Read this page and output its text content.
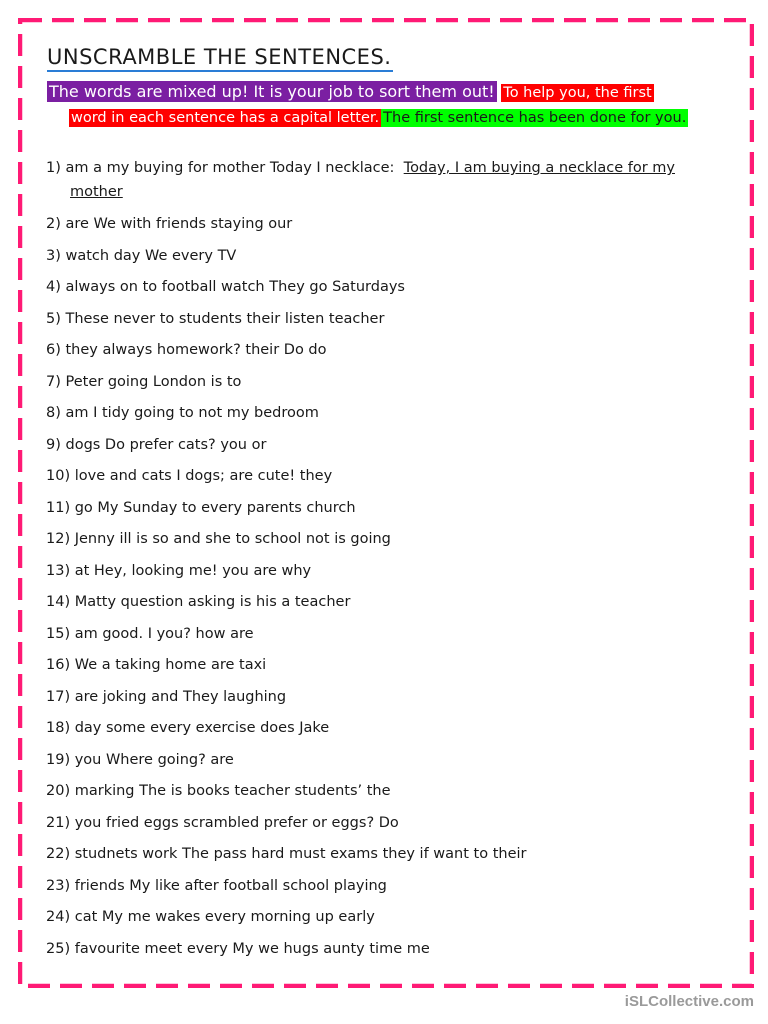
UNSCRAMBLE THE SENTENCES.
The words are mixed up! It is your job to sort them out! To help you, the first
word in each sentence has a capital letter. The first sentence has been done for you.
1) am a my buying for mother Today I necklace: Today, I am buying a necklace for my
mother
2) are We with friends staying our
3) watch day We every TV
4) always on to football watch They go Saturdays
5) These never to students their listen teacher
6) they always homework? their Do do
7) Peter going London is to
8) am I tidy going to not my bedroom
9) dogs Do prefer cats? you or
10) love and cats I dogs; are cute! they
11) go My Sunday to every parents church
12) Jenny ill is so and she to school not is going
13) at Hey, looking me! you are why
14) Matty question asking is his a teacher
15) am good. I you? how are
16) We a taking home are taxi
17) are joking and They laughing
18) day some every exercise does Jake
19) you Where going? are
20) marking The is books teacher students’ the
21) you fried eggs scrambled prefer or eggs? Do
22) studnets work The pass hard must exams they if want to their
23) friends My like after football school playing
24) cat My me wakes every morning up early
25) favourite meet every My we hugs aunty time me
iSLCollective.com
